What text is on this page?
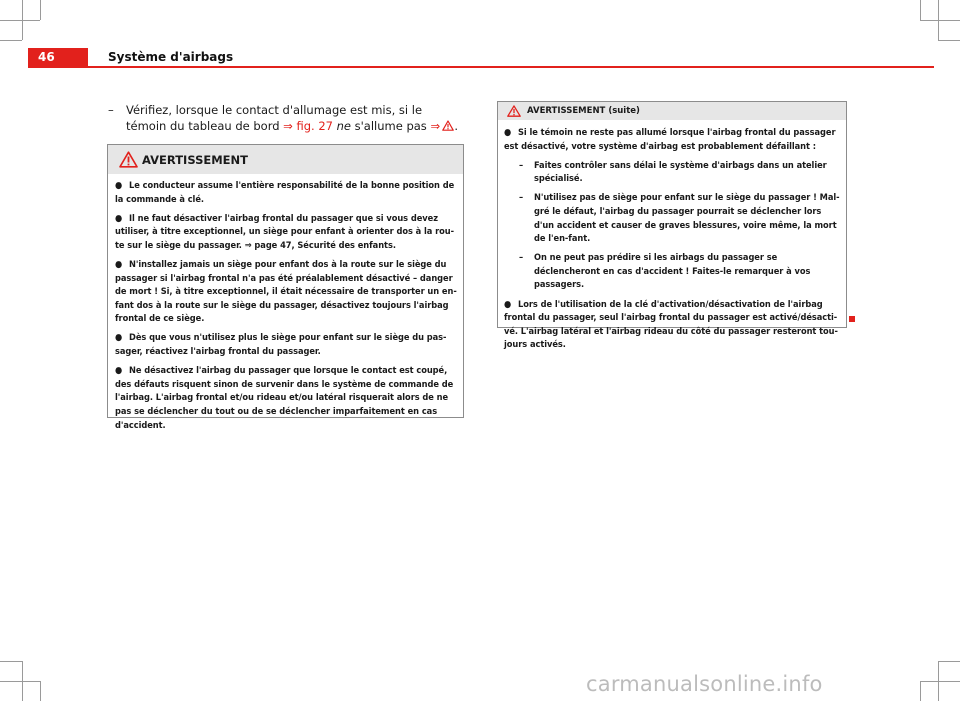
46	Système d'airbags
– Vérifiez, lorsque le contact d'allumage est mis, si le témoin du tableau de bord ⇒ fig. 27 ne s'allume pas ⇒  .
AVERTISSEMENT

● Le conducteur assume l'entière responsabilité de la bonne position de la commande à clé.

● Il ne faut désactiver l'airbag frontal du passager que si vous devez utiliser, à titre exceptionnel, un siège pour enfant à orienter dos à la rou-te sur le siège du passager. ⇒ page 47, Sécurité des enfants.

● N'installez jamais un siège pour enfant dos à la route sur le siège du passager si l'airbag frontal n'a pas été préalablement désactivé – danger de mort ! Si, à titre exceptionnel, il était nécessaire de transporter un en-fant dos à la route sur le siège du passager, désactivez toujours l'airbag frontal de ce siège.

● Dès que vous n'utilisez plus le siège pour enfant sur le siège du pas-sager, réactivez l'airbag frontal du passager.

● Ne désactivez l'airbag du passager que lorsque le contact est coupé, des défauts risquent sinon de survenir dans le système de commande de l'airbag. L'airbag frontal et/ou rideau et/ou latéral risquerait alors de ne pas se déclencher du tout ou de se déclencher imparfaitement en cas d'accident.

AVERTISSEMENT (suite)

● Si le témoin ne reste pas allumé lorsque l'airbag frontal du passager est désactivé, votre système d'airbag est probablement défaillant :

– Faites contrôler sans délai le système d'airbags dans un atelier spécialisé.
– N'utilisez pas de siège pour enfant sur le siège du passager ! Mal-gré le défaut, l'airbag du passager pourrait se déclencher lors d'un accident et causer de graves blessures, voire même, la mort de l'en-fant.
– On ne peut pas prédire si les airbags du passager se déclencheront en cas d'accident ! Faites-le remarquer à vos passagers.

● Lors de l'utilisation de la clé d'activation/désactivation de l'airbag frontal du passager, seul l'airbag frontal du passager est activé/désacti-vé. L'airbag latéral et l'airbag rideau du côté du passager resteront tou-jours activés.

carmanualsonline.info
